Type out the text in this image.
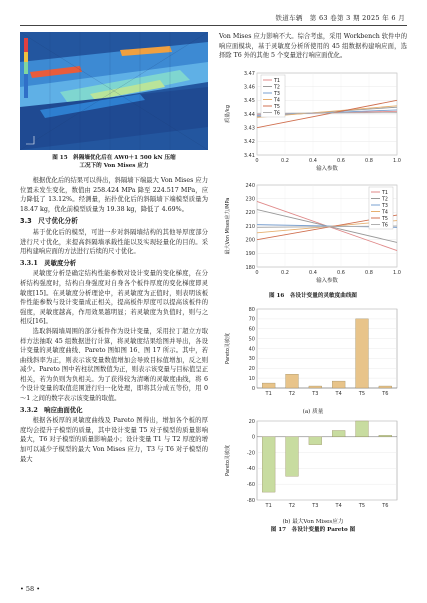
铁道车辆 第 63 卷第 3 期 2025 年 6 月
图 15　斜隔墙优化后在 AW0＋1 500 kN 压缩
工况下的 Von Mises 应力

根据优化后的结果可以得出，斜隔墙下端最大 Von Mises 应力位置未发生变化，数值由 258.424 MPa 降至 224.517 MPa，应力降低了 13.12%。经测量，拓扑优化后的斜隔墙下端模型质量为 18.47 kg，优化前模型质量为 19.38 kg，降低了 4.69%。

3.3　尺寸优化分析

基于优化后的模型，可进一步对斜隔墙结构的其他导厚度部分进行尺寸优化，来提高斜隔墙承载性能以及实现轻量化的目的。采用构建响应面的方法进行后续的尺寸优化。

3.3.1　灵敏度分析

灵敏度分析是确定结构性能参数对设计变量的变化梯度，在分析结构强度时，结构自身强度对自身各个板件厚度的变化梯度即灵敏度[15]。在灵敏度分析理论中，若灵敏度为正值时，则表明该板件性能参数与设计变量成正相关，提高板件厚度可以提高该板件的强度，灵敏度越高，作用效果越明显；若灵敏度为负值时，则与之相反[16]。

选取斜隔墙周围的部分板件作为设计变量，采用拉丁超立方取样方法抽取 45 组数据进行计算，将灵敏度结果绘图并导出，各设计变量的灵敏度曲线、Pareto 图如图 16、图 17 所示。其中，若曲线斜率为正，则表示该变量数值增加会导致目标值增加，反之则减少。Pareto 图中若柱状图数值为正，则表示该变量与目标值呈正相关，若为负则为负相关。为了获得较为清晰的灵敏度曲线，将 6 个设计变量的取值范围进行归一化处理，即将其分成五等份，用 0～1 之间的数字表示该变量的取值。

3.3.2　响应曲面优化

根据各板厚的灵敏度曲线及 Pareto 图得出，增加各个板的厚度均会提升子模型的质量，其中设计变量 T5 对子模型的质量影响最大，T6 对子模型的质量影响最小；设计变量 T1 与 T2 厚度的增加可以减少子模型的最大 Von Mises 应力，T3 与 T6 对子模型的最大

• 58 •

Von Mises 应力影响不大。综合考虑，采用 Workbench 软件中的响应面模块，基于灵敏度分析所使用的 45 组数据构建响应面，选择除 T6 外的其他 5 个变量进行响应面优化。

3.41
3.42
3.43
3.44
3.45
3.46
3.47
0	0.2	0.4	0.6	0.8	1.0
输入参数
质量/kg
T1
T2
T3
T4
T5
T6

180
190
200
210
220
230
240
0	0.2	0.4	0.6	0.8	1.0
输入参数
最大Von Mises应力/MPa
T1
T2
T3
T4
T5
T6
图 16　各设计变量的灵敏度曲线图
0
10
20
30
40
50
60
70
80
T1	T2	T3	T4	T5	T6
Pareto灵敏度
(a) 质量
-80
-60
-40
-20
0
20
T1	T2	T3	T4	T5	T6
Pareto灵敏度
(b) 最大Von Mises应力
图 17　各设计变量的 Pareto 图
